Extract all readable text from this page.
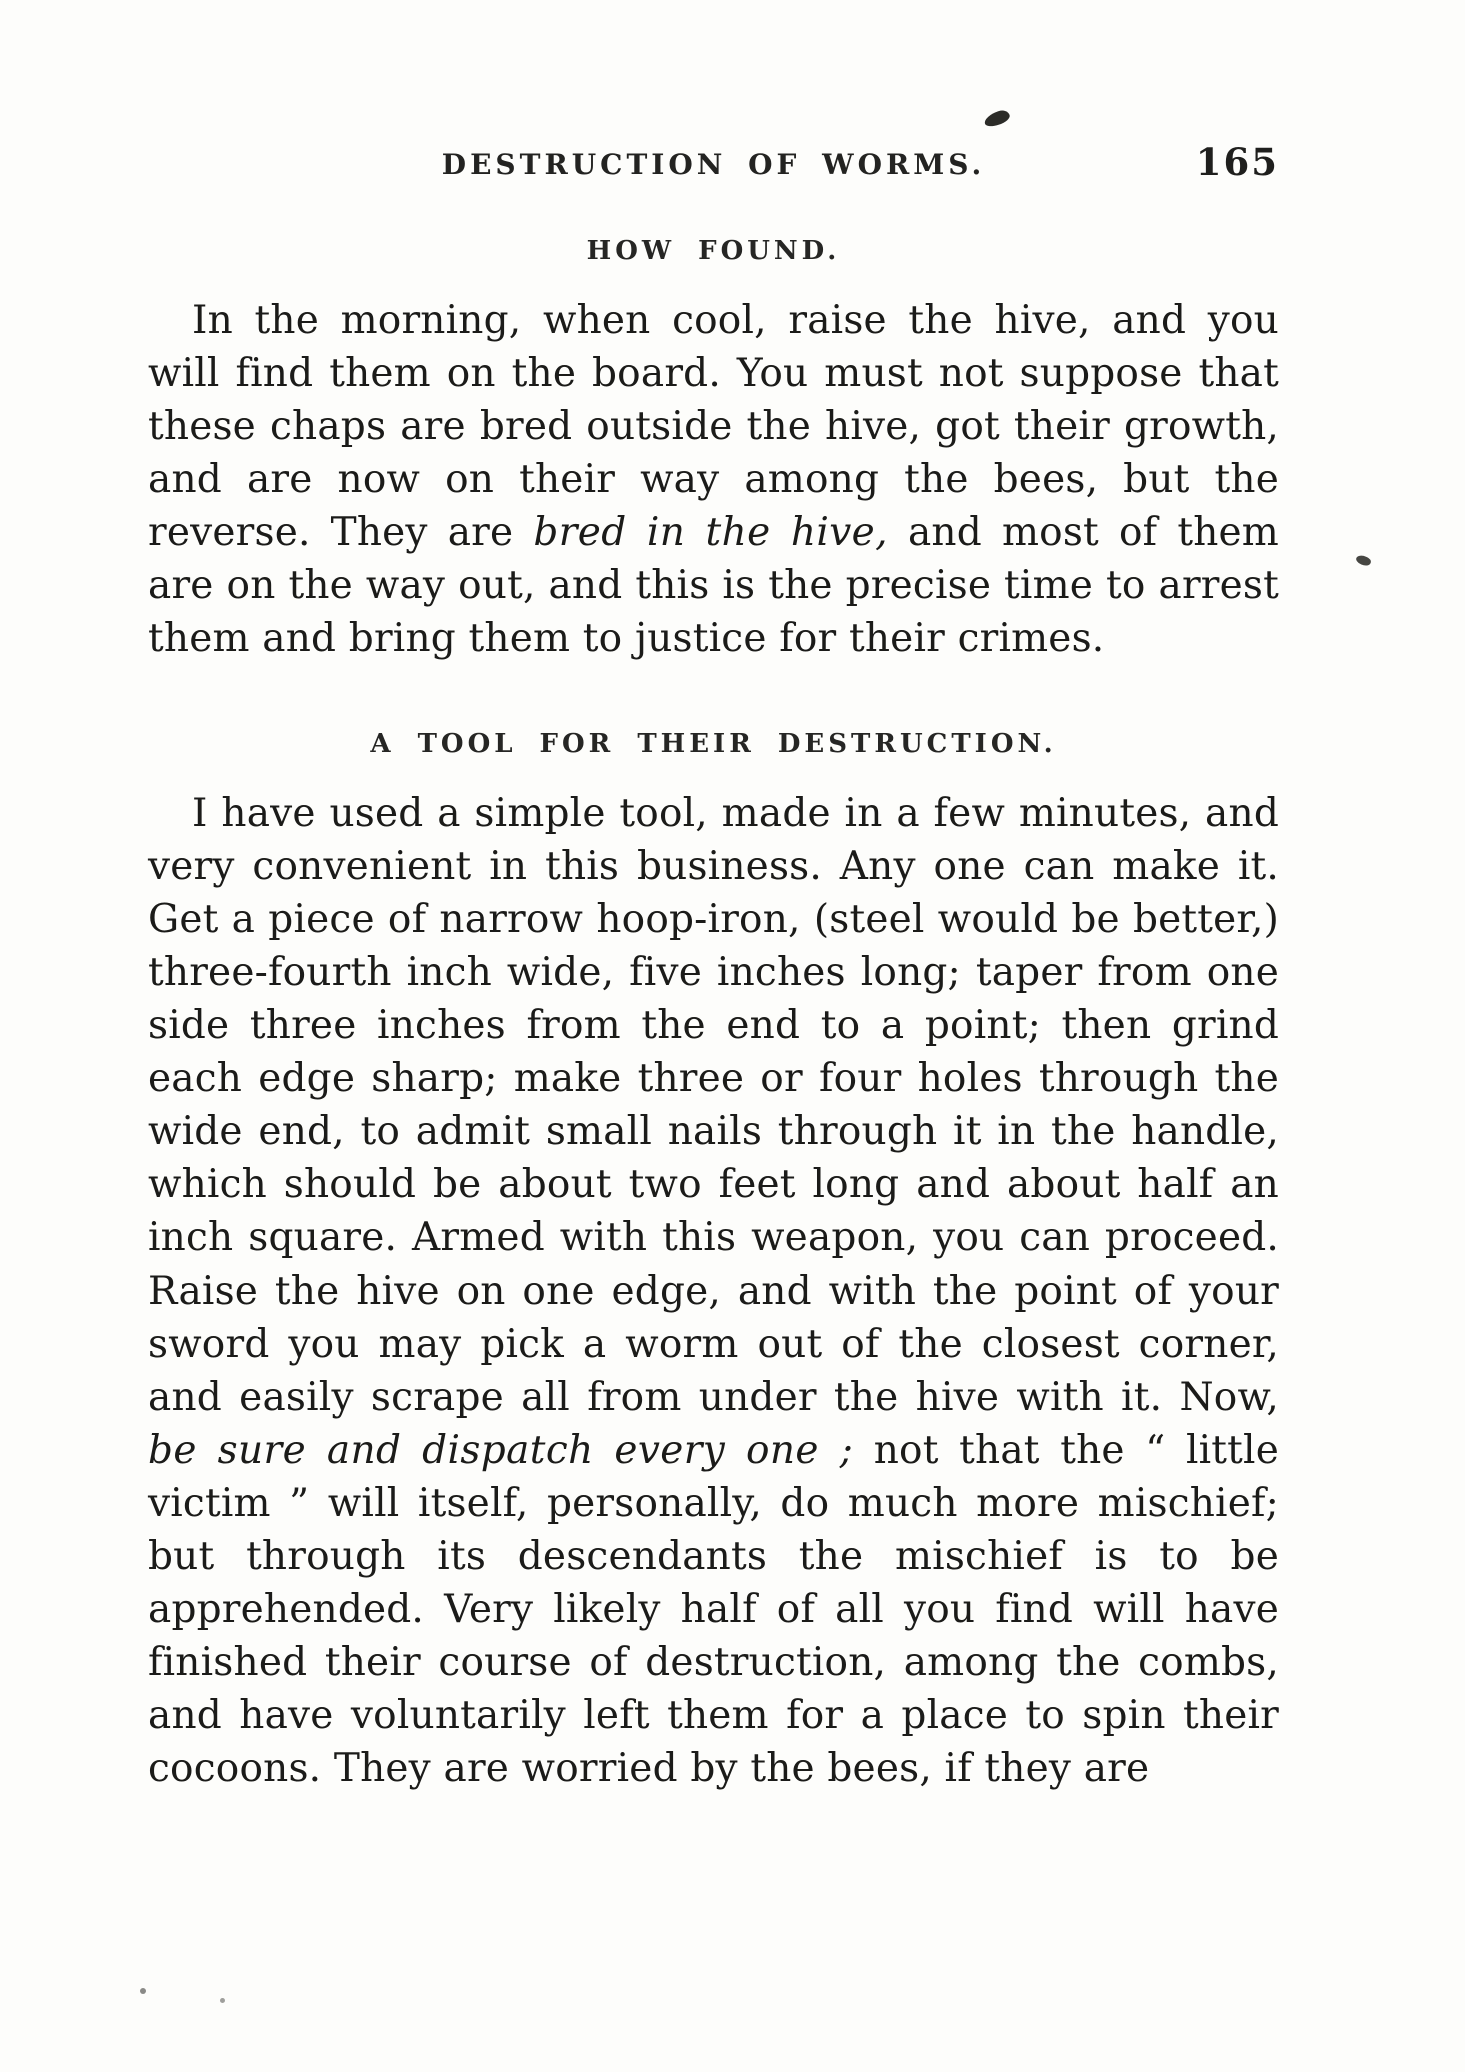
DESTRUCTION OF WORMS.	165
HOW FOUND.

In the morning, when cool, raise the hive, and you will find them on the board. You must not suppose that these chaps are bred outside the hive, got their growth, and are now on their way among the bees, but the reverse. They are bred in the hive, and most of them are on the way out, and this is the precise time to arrest them and bring them to justice for their crimes.

A TOOL FOR THEIR DESTRUCTION.

I have used a simple tool, made in a few minutes, and very convenient in this business. Any one can make it. Get a piece of narrow hoop-iron, (steel would be better,) three-fourth inch wide, five inches long; taper from one side three inches from the end to a point; then grind each edge sharp; make three or four holes through the wide end, to admit small nails through it in the handle, which should be about two feet long and about half an inch square. Armed with this weapon, you can proceed. Raise the hive on one edge, and with the point of your sword you may pick a worm out of the closest corner, and easily scrape all from under the hive with it. Now, be sure and dispatch every one ; not that the “ little victim ” will itself, personally, do much more mischief; but through its descendants the mischief is to be apprehended. Very likely half of all you find will have finished their course of destruction, among the combs, and have voluntarily left them for a place to spin their cocoons. They are worried by the bees, if they are
